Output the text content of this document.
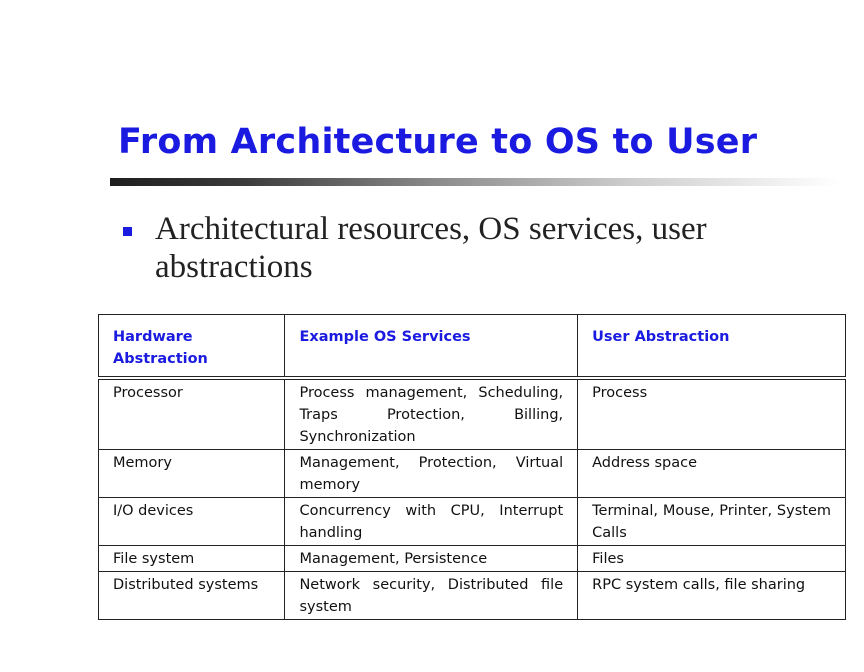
From Architecture to OS to User
Architectural resources, OS services, user abstractions
Hardware Abstraction	Example OS Services	User Abstraction
Processor	Process management, Scheduling, Traps Protection, Billing, Synchronization	Process
Memory	Management, Protection, Virtual memory	Address space
I/O devices	Concurrency with CPU, Interrupt handling	Terminal, Mouse, Printer, System Calls
File system	Management, Persistence	Files
Distributed systems	Network security, Distributed file system	RPC system calls, file sharing
